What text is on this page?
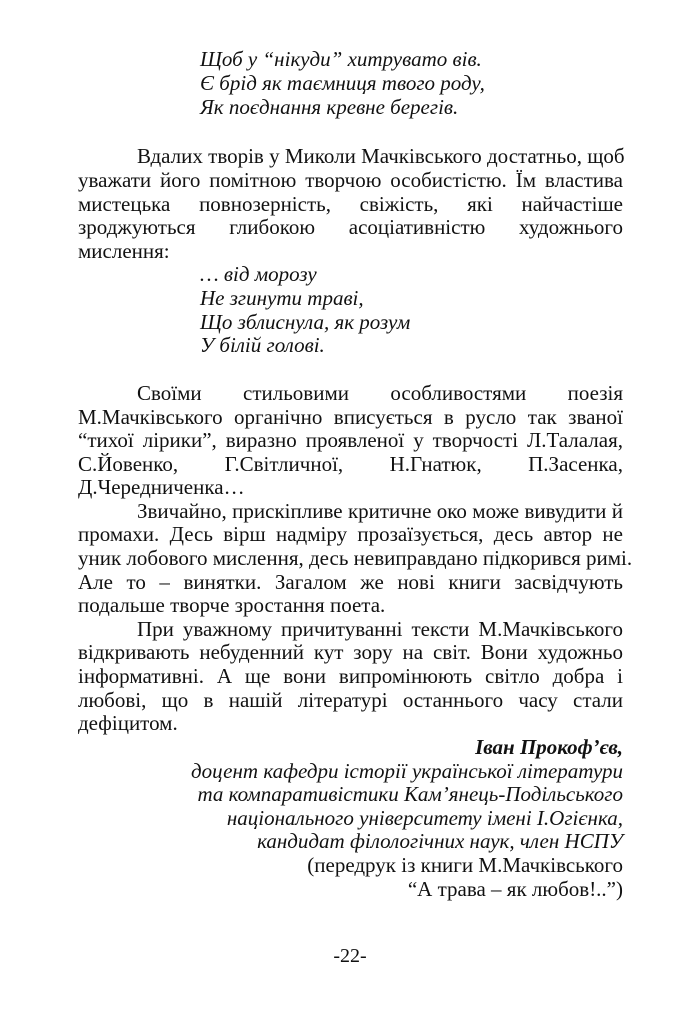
Щоб у “нікуди” хитрувато вів.
Є брід як таємниця твого роду,
Як поєднання кревне берегів.
Вдалих творів у Миколи Мачківського достатньо, щоб
уважати його помітною творчою особистістю. Їм властива
мистецька повнозерність, свіжість, які найчастіше
зроджуються глибокою асоціативністю художнього
мислення:
… від морозу
Не згинути траві,
Що зблиснула, як розум
У білій голові.
Своїми стильовими особливостями поезія
М.Мачківського органічно вписується в русло так званої
“тихої лірики”, виразно проявленої у творчості Л.Талалая,
С.Йовенко, Г.Світличної, Н.Гнатюк, П.Засенка,
Д.Чередниченка…
Звичайно, прискіпливе критичне око може вивудити й
промахи. Десь вірш надміру прозаїзується, десь автор не
уник лобового мислення, десь невиправдано підкорився римі.
Але то – винятки. Загалом же нові книги засвідчують
подальше творче зростання поета.
При уважному причитуванні тексти М.Мачківського
відкривають небуденний кут зору на світ. Вони художньо
інформативні. А ще вони випромінюють світло добра і
любові, що в нашій літературі останнього часу стали
дефіцитом.
Іван Прокоф’єв,
доцент кафедри історії української літератури
та компаративістики Кам’янець-Подільського
національного університету імені І.Огієнка,
кандидат філологічних наук, член НСПУ
(передрук із книги М.Мачківського
“А трава – як любов!..”)
-22-
